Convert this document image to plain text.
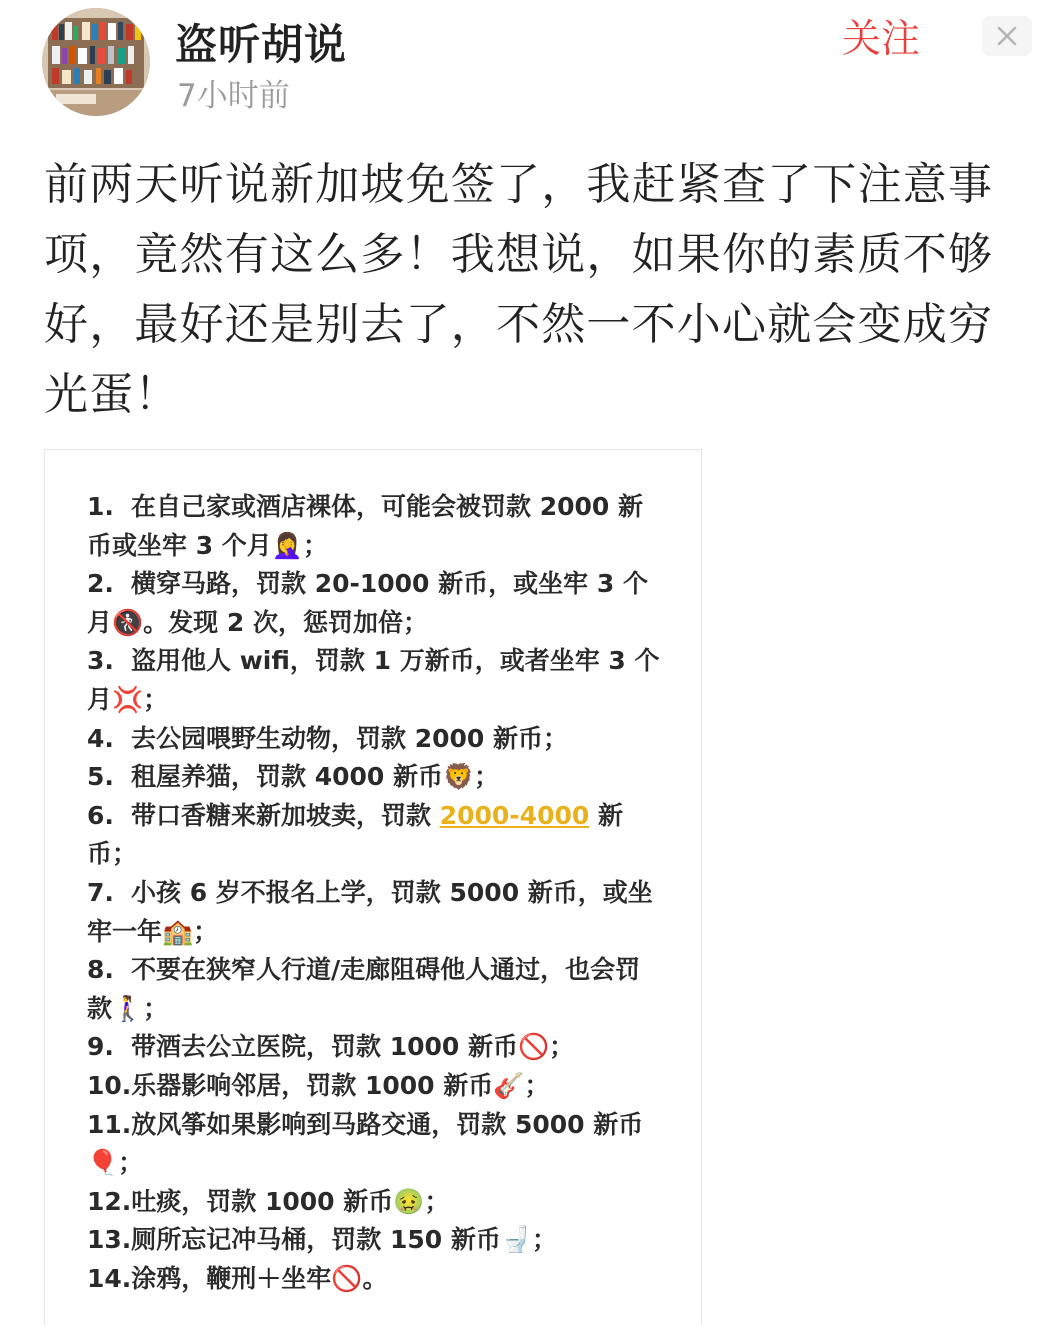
盗听胡说
7小时前
关注

前两天听说新加坡免签了，我赶紧查了下注意事项，竟然有这么多！我想说，如果你的素质不够好，最好还是别去了，不然一不小心就会变成穷光蛋！

1. 在自己家或酒店裸体，可能会被罚款 2000 新币或坐牢 3 个月🤦‍♀️；
2. 横穿马路，罚款 20-1000 新币，或坐牢 3 个月🚷。发现 2 次，惩罚加倍；
3. 盗用他人 wifi，罚款 1 万新币，或者坐牢 3 个月💢；
4. 去公园喂野生动物，罚款 2000 新币；
5. 租屋养猫，罚款 4000 新币🦁；
6. 带口香糖来新加坡卖，罚款 2000-4000 新币；
7. 小孩 6 岁不报名上学，罚款 5000 新币，或坐牢一年🏫；
8. 不要在狭窄人行道/走廊阻碍他人通过，也会罚款🚶‍♀️；
9. 带酒去公立医院，罚款 1000 新币🚫；
10.乐器影响邻居，罚款 1000 新币🎸；
11.放风筝如果影响到马路交通，罚款 5000 新币🎈；
12.吐痰，罚款 1000 新币🤢；
13.厕所忘记冲马桶，罚款 150 新币🚽；
14.涂鸦，鞭刑＋坐牢🚫。
